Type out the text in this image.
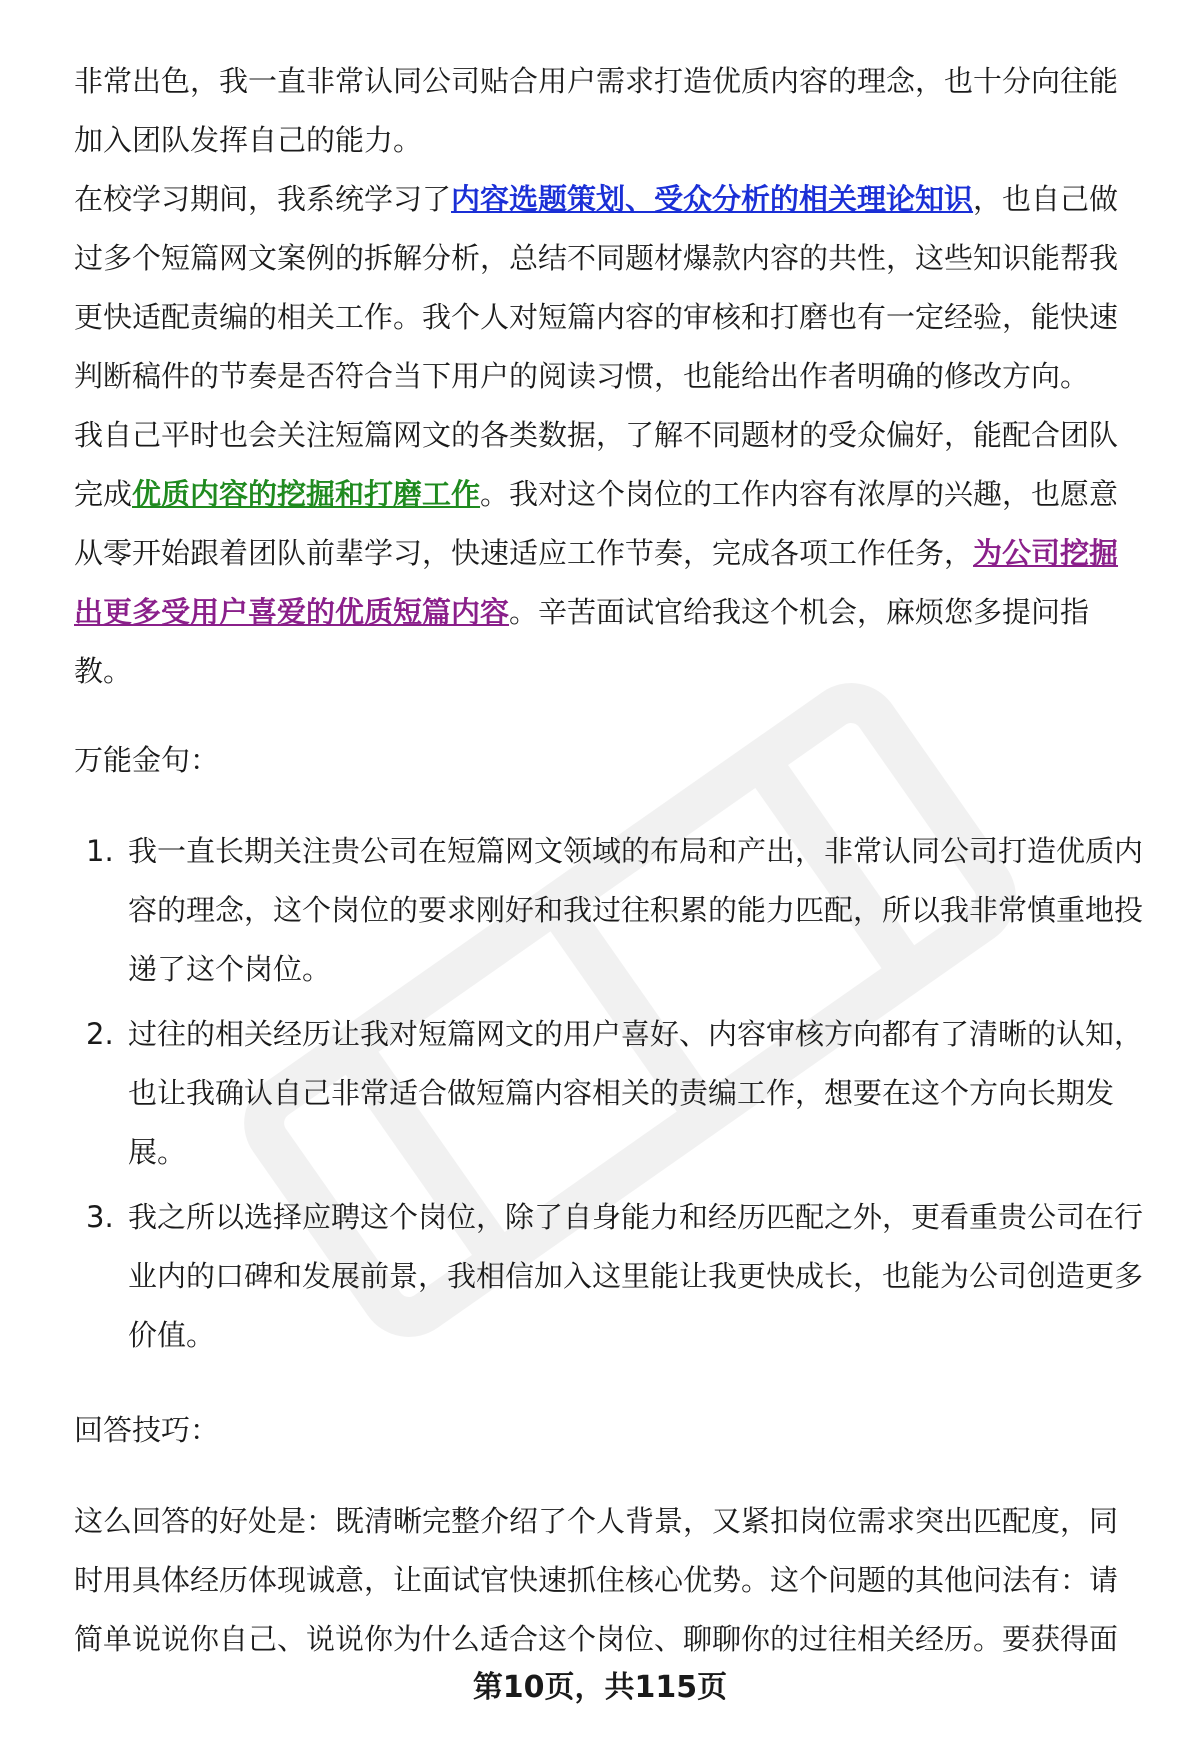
非常出色，我一直非常认同公司贴合用户需求打造优质内容的理念，也十分向往能加入团队发挥自己的能力。

在校学习期间，我系统学习了内容选题策划、受众分析的相关理论知识，也自己做过多个短篇网文案例的拆解分析，总结不同题材爆款内容的共性，这些知识能帮我更快适配责编的相关工作。我个人对短篇内容的审核和打磨也有一定经验，能快速判断稿件的节奏是否符合当下用户的阅读习惯，也能给出作者明确的修改方向。

我自己平时也会关注短篇网文的各类数据，了解不同题材的受众偏好，能配合团队完成优质内容的挖掘和打磨工作。我对这个岗位的工作内容有浓厚的兴趣，也愿意从零开始跟着团队前辈学习，快速适应工作节奏，完成各项工作任务，为公司挖掘出更多受用户喜爱的优质短篇内容。辛苦面试官给我这个机会，麻烦您多提问指教。

万能金句：

1. 我一直长期关注贵公司在短篇网文领域的布局和产出，非常认同公司打造优质内容的理念，这个岗位的要求刚好和我过往积累的能力匹配，所以我非常慎重地投递了这个岗位。
2. 过往的相关经历让我对短篇网文的用户喜好、内容审核方向都有了清晰的认知，也让我确认自己非常适合做短篇内容相关的责编工作，想要在这个方向长期发展。
3. 我之所以选择应聘这个岗位，除了自身能力和经历匹配之外，更看重贵公司在行业内的口碑和发展前景，我相信加入这里能让我更快成长，也能为公司创造更多价值。

回答技巧：

这么回答的好处是：既清晰完整介绍了个人背景，又紧扣岗位需求突出匹配度，同时用具体经历体现诚意，让面试官快速抓住核心优势。这个问题的其他问法有：请简单说说你自己、说说你为什么适合这个岗位、聊聊你的过往相关经历。要获得面

第10页，共115页
